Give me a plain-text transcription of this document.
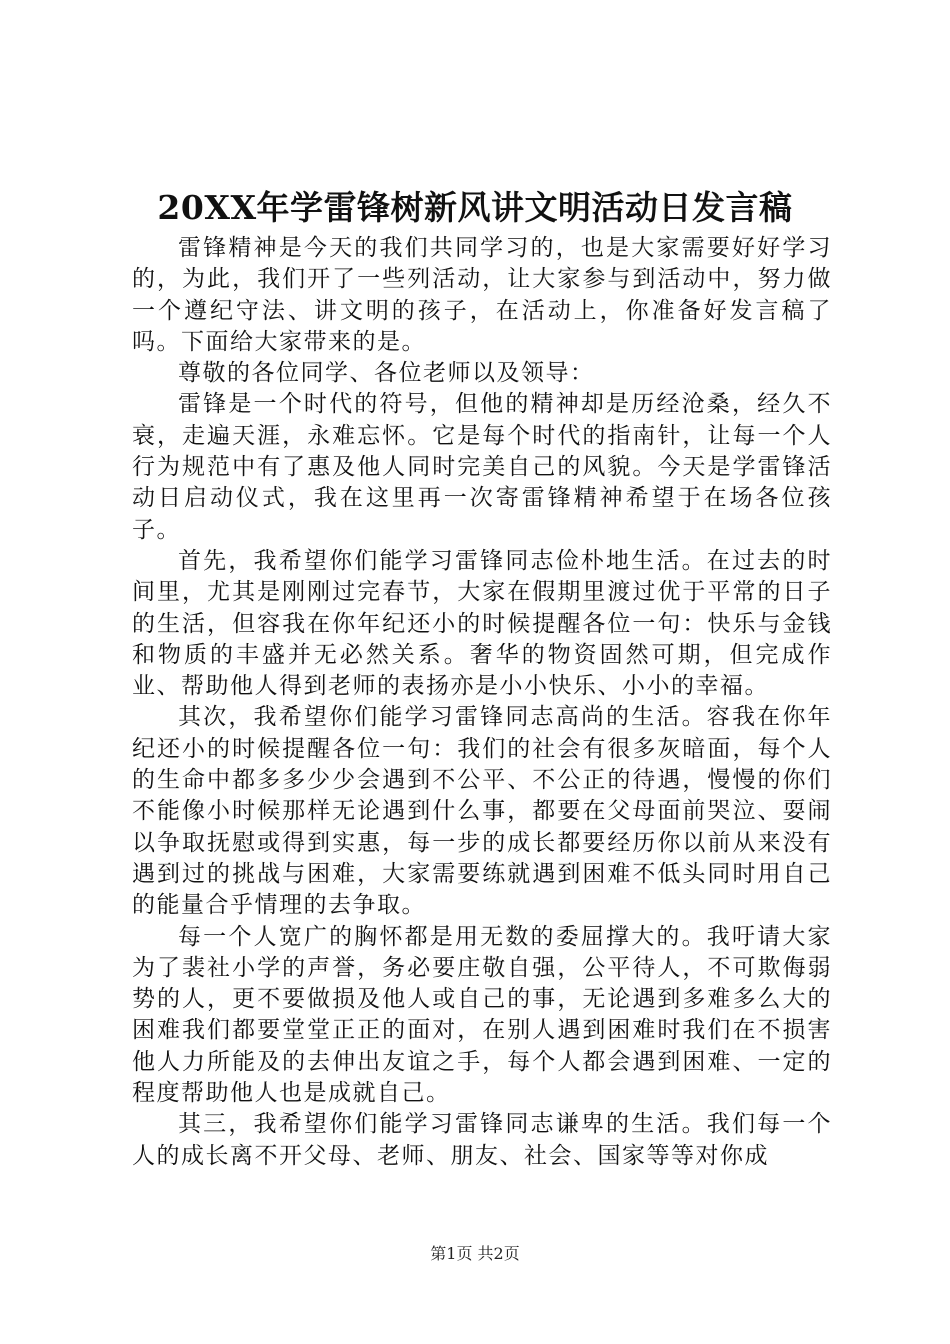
20XX年学雷锋树新风讲文明活动日发言稿

雷锋精神是今天的我们共同学习的，也是大家需要好好学习的，为此，我们开了一些列活动，让大家参与到活动中，努力做一个遵纪守法、讲文明的孩子，在活动上，你准备好发言稿了吗。下面给大家带来的是。

尊敬的各位同学、各位老师以及领导：

雷锋是一个时代的符号，但他的精神却是历经沧桑，经久不衰，走遍天涯，永难忘怀。它是每个时代的指南针，让每一个人行为规范中有了惠及他人同时完美自己的风貌。今天是学雷锋活动日启动仪式，我在这里再一次寄雷锋精神希望于在场各位孩子。

首先，我希望你们能学习雷锋同志俭朴地生活。在过去的时间里，尤其是刚刚过完春节，大家在假期里渡过优于平常的日子的生活，但容我在你年纪还小的时候提醒各位一句：快乐与金钱和物质的丰盛并无必然关系。奢华的物资固然可期，但完成作业、帮助他人得到老师的表扬亦是小小快乐、小小的幸福。

其次，我希望你们能学习雷锋同志高尚的生活。容我在你年纪还小的时候提醒各位一句：我们的社会有很多灰暗面，每个人的生命中都多多少少会遇到不公平、不公正的待遇，慢慢的你们不能像小时候那样无论遇到什么事，都要在父母面前哭泣、耍闹以争取抚慰或得到实惠，每一步的成长都要经历你以前从来没有遇到过的挑战与困难，大家需要练就遇到困难不低头同时用自己的能量合乎情理的去争取。

每一个人宽广的胸怀都是用无数的委屈撑大的。我吁请大家为了裴社小学的声誉，务必要庄敬自强，公平待人，不可欺侮弱势的人，更不要做损及他人或自己的事，无论遇到多难多么大的困难我们都要堂堂正正的面对，在别人遇到困难时我们在不损害他人力所能及的去伸出友谊之手，每个人都会遇到困难、一定的程度帮助他人也是成就自己。

其三，我希望你们能学习雷锋同志谦卑的生活。我们每一个人的成长离不开父母、老师、朋友、社会、国家等等对你成

第1页 共2页
